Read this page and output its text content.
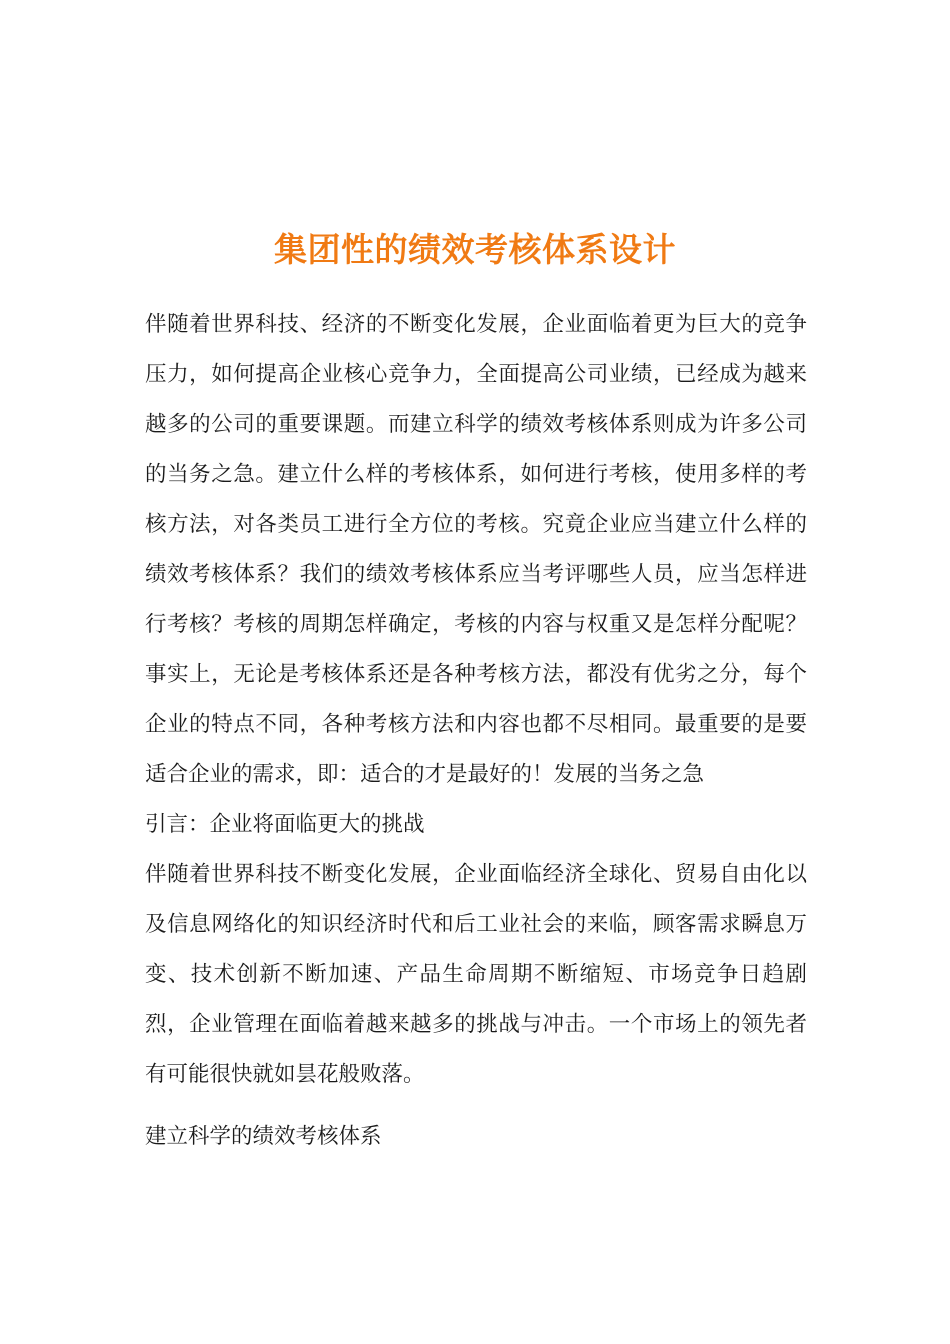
集团性的绩效考核体系设计

伴随着世界科技、经济的不断变化发展，企业面临着更为巨大的竞争压力，如何提高企业核心竞争力，全面提高公司业绩，已经成为越来越多的公司的重要课题。而建立科学的绩效考核体系则成为许多公司的当务之急。建立什么样的考核体系，如何进行考核，使用多样的考核方法，对各类员工进行全方位的考核。究竟企业应当建立什么样的绩效考核体系？我们的绩效考核体系应当考评哪些人员，应当怎样进行考核？考核的周期怎样确定，考核的内容与权重又是怎样分配呢？事实上，无论是考核体系还是各种考核方法，都没有优劣之分，每个企业的特点不同，各种考核方法和内容也都不尽相同。最重要的是要适合企业的需求，即：适合的才是最好的！发展的当务之急

引言：企业将面临更大的挑战

伴随着世界科技不断变化发展，企业面临经济全球化、贸易自由化以及信息网络化的知识经济时代和后工业社会的来临，顾客需求瞬息万变、技术创新不断加速、产品生命周期不断缩短、市场竞争日趋剧烈，企业管理在面临着越来越多的挑战与冲击。一个市场上的领先者有可能很快就如昙花般败落。

建立科学的绩效考核体系
